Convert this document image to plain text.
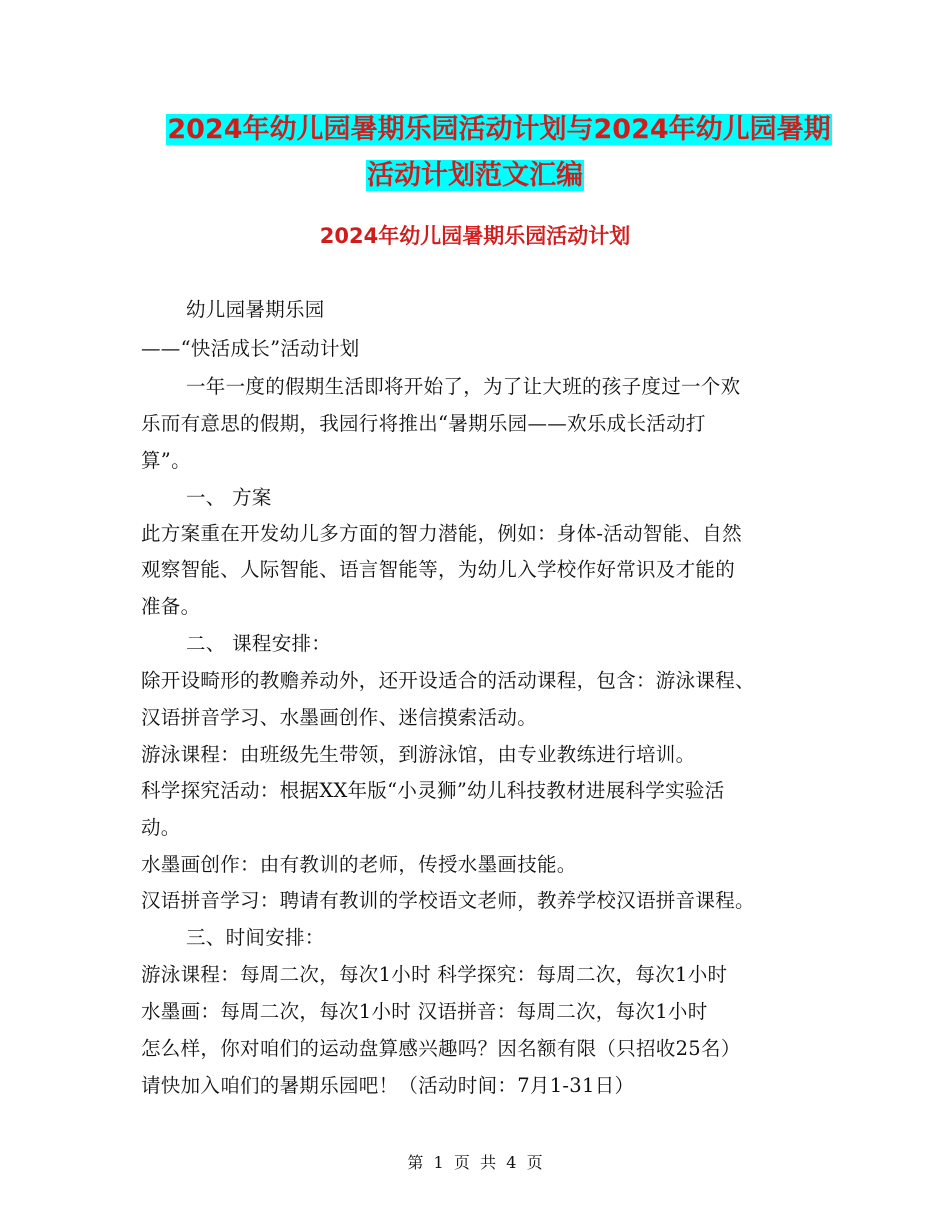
2024年幼儿园暑期乐园活动计划与2024年幼儿园暑期
活动计划范文汇编
2024年幼儿园暑期乐园活动计划
幼儿园暑期乐园
——“快活成长”活动计划
一年一度的假期生活即将开始了，为了让大班的孩子度过一个欢
乐而有意思的假期，我园行将推出“暑期乐园——欢乐成长活动打
算”。
一、 方案
此方案重在开发幼儿多方面的智力潜能，例如：身体-活动智能、自然
观察智能、人际智能、语言智能等，为幼儿入学校作好常识及才能的
准备。
二、 课程安排：
除开设畸形的教赡养动外，还开设适合的活动课程，包含：游泳课程、
汉语拼音学习、水墨画创作、迷信摸索活动。
游泳课程：由班级先生带领，到游泳馆，由专业教练进行培训。
科学探究活动：根据XX年版“小灵狮”幼儿科技教材进展科学实验活
动。
水墨画创作：由有教训的老师，传授水墨画技能。
汉语拼音学习：聘请有教训的学校语文老师，教养学校汉语拼音课程。
三、时间安排：
游泳课程：每周二次，每次1小时 科学探究：每周二次，每次1小时
水墨画：每周二次，每次1小时 汉语拼音：每周二次，每次1小时
怎么样，你对咱们的运动盘算感兴趣吗？因名额有限（只招收25名）
请快加入咱们的暑期乐园吧！（活动时间：7月1-31日）
第  1  页  共  4  页
